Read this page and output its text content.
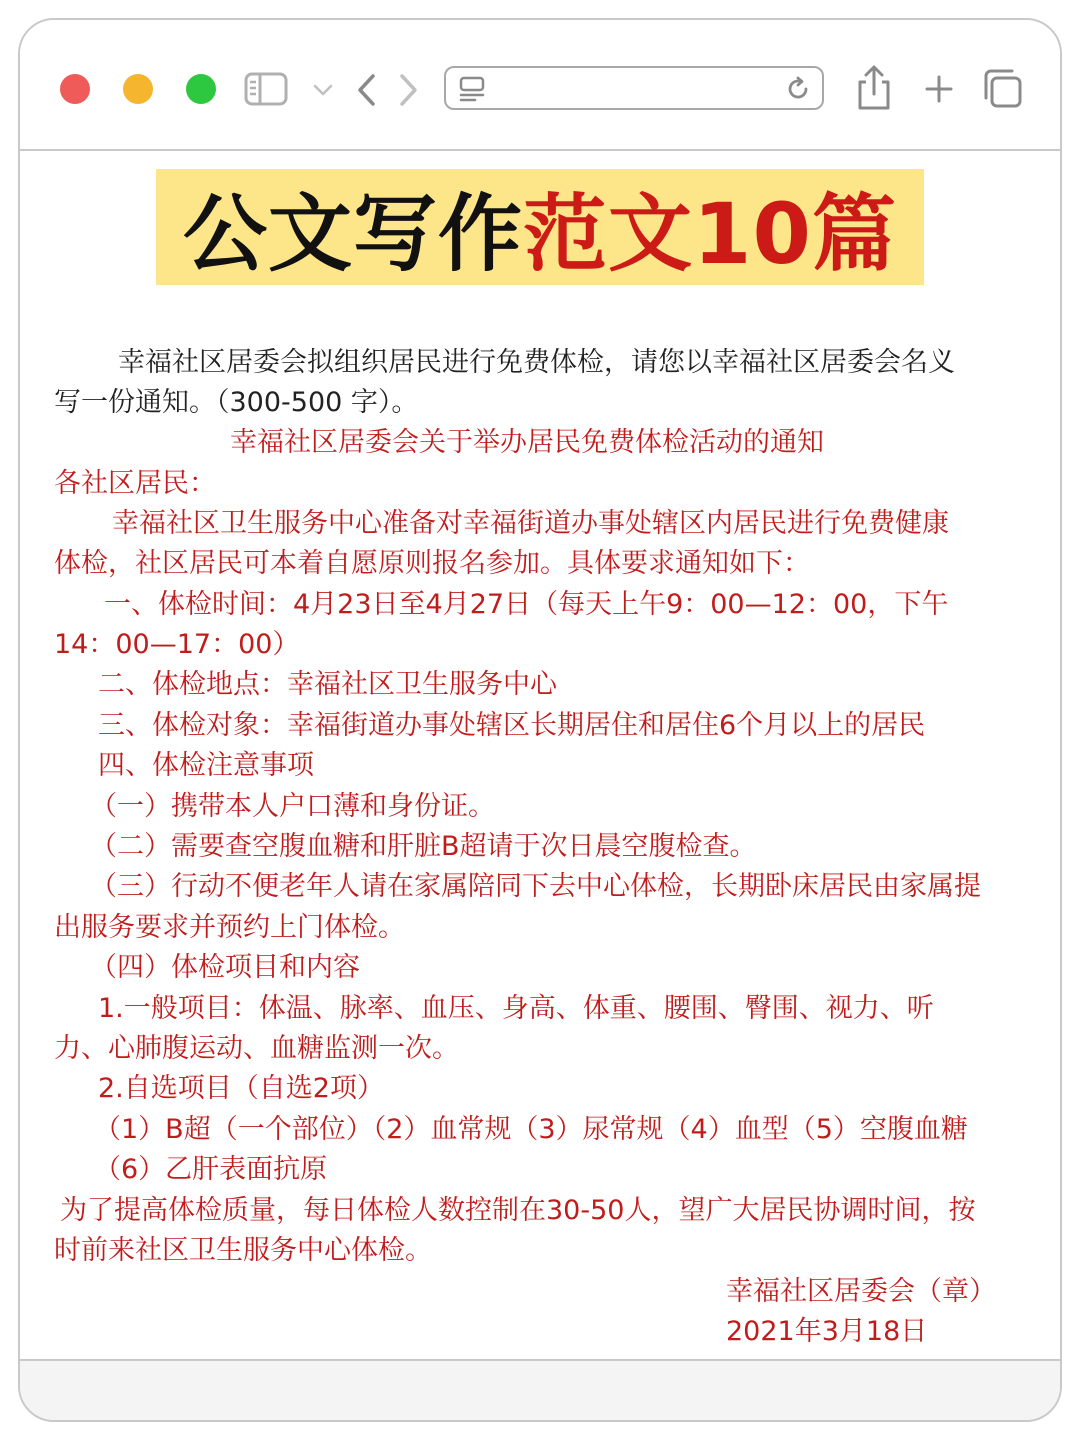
公文写作 范文10篇
幸福社区居委会拟组织居民进行免费体检，请您以幸福社区居委会名义
写一份通知。（300-500 字）。
幸福社区居委会关于举办居民免费体检活动的通知
各社区居民：
幸福社区卫生服务中心准备对幸福街道办事处辖区内居民进行免费健康
体检，社区居民可本着自愿原则报名参加。具体要求通知如下：
一、体检时间：4月23日至4月27日（每天上午9：00—12：00，下午
14：00—17：00）
二、体检地点：幸福社区卫生服务中心
三、体检对象：幸福街道办事处辖区长期居住和居住6个月以上的居民
四、体检注意事项
（一）携带本人户口薄和身份证。
（二）需要查空腹血糖和肝脏B超请于次日晨空腹检查。
（三）行动不便老年人请在家属陪同下去中心体检，长期卧床居民由家属提
出服务要求并预约上门体检。
（四）体检项目和内容
1.一般项目：体温、脉率、血压、身高、体重、腰围、臀围、视力、听
力、心肺腹运动、血糖监测一次。
2.自选项目（自选2项）
（1）B超（一个部位）（2）血常规（3）尿常规（4）血型（5）空腹血糖
（6）乙肝表面抗原
为了提高体检质量，每日体检人数控制在30-50人，望广大居民协调时间，按
时前来社区卫生服务中心体检。
幸福社区居委会（章）
2021年3月18日
